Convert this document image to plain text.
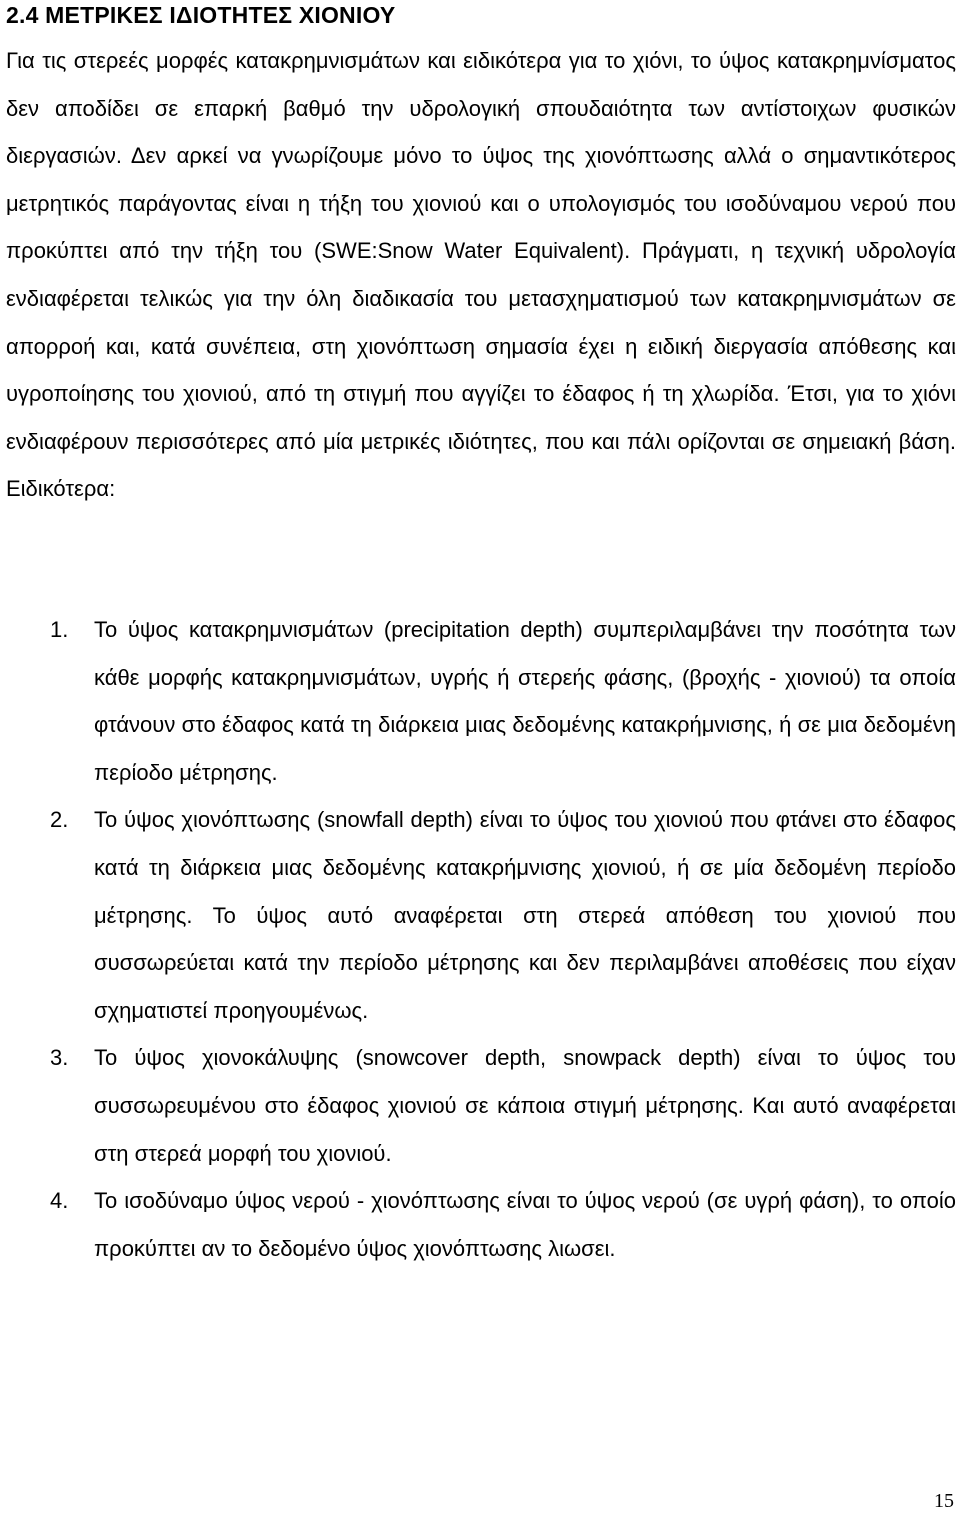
2.4 ΜΕΤΡΙΚΕΣ ΙΔΙΟΤΗΤΕΣ ΧΙΟΝΙΟΥ

Για τις στερεές μορφές κατακρημνισμάτων και ειδικότερα για το χιόνι, το ύψος κατακρημνίσματος δεν αποδίδει σε επαρκή βαθμό την υδρολογική σπουδαιότητα των αντίστοιχων φυσικών διεργασιών. Δεν αρκεί να γνωρίζουμε μόνο το ύψος της χιονόπτωσης αλλά ο σημαντικότερος μετρητικός παράγοντας είναι η τήξη του χιονιού και ο υπολογισμός του ισοδύναμου νερού που προκύπτει από την τήξη του (SWE:Snow Water Equivalent). Πράγματι, η τεχνική υδρολογία ενδιαφέρεται τελικώς για την όλη διαδικασία του μετασχηματισμού των κατακρημνισμάτων σε απορροή και, κατά συνέπεια, στη χιονόπτωση σημασία έχει η ειδική διεργασία απόθεσης και υγροποίησης του χιονιού, από τη στιγμή που αγγίζει το έδαφος ή τη χλωρίδα. Έτσι, για το χιόνι ενδιαφέρουν περισσότερες από μία μετρικές ιδιότητες, που και πάλι ορίζονται σε σημειακή βάση. Ειδικότερα:

1. Το ύψος κατακρημνισμάτων (precipitation depth) συμπεριλαμβάνει την ποσότητα των κάθε μορφής κατακρημνισμάτων, υγρής ή στερεής φάσης, (βροχής - χιονιού) τα οποία φτάνουν στο έδαφος κατά τη διάρκεια μιας δεδομένης κατακρήμνισης, ή σε μια δεδομένη περίοδο μέτρησης.

2. Το ύψος χιονόπτωσης (snowfall depth) είναι το ύψος του χιονιού που φτάνει στο έδαφος κατά τη διάρκεια μιας δεδομένης κατακρήμνισης χιονιού, ή σε μία δεδομένη περίοδο μέτρησης. Το ύψος αυτό αναφέρεται στη στερεά απόθεση του χιονιού που συσσωρεύεται κατά την περίοδο μέτρησης και δεν περιλαμβάνει αποθέσεις που είχαν σχηματιστεί προηγουμένως.

3. Το ύψος χιονοκάλυψης (snowcover depth, snowpack depth) είναι το ύψος του συσσωρευμένου στο έδαφος χιονιού σε κάποια στιγμή μέτρησης. Και αυτό αναφέρεται στη στερεά μορφή του χιονιού.

4. Το ισοδύναμο ύψος νερού - χιονόπτωσης είναι το ύψος νερού (σε υγρή φάση), το οποίο προκύπτει αν το δεδομένο ύψος χιονόπτωσης λιωσει.

15
